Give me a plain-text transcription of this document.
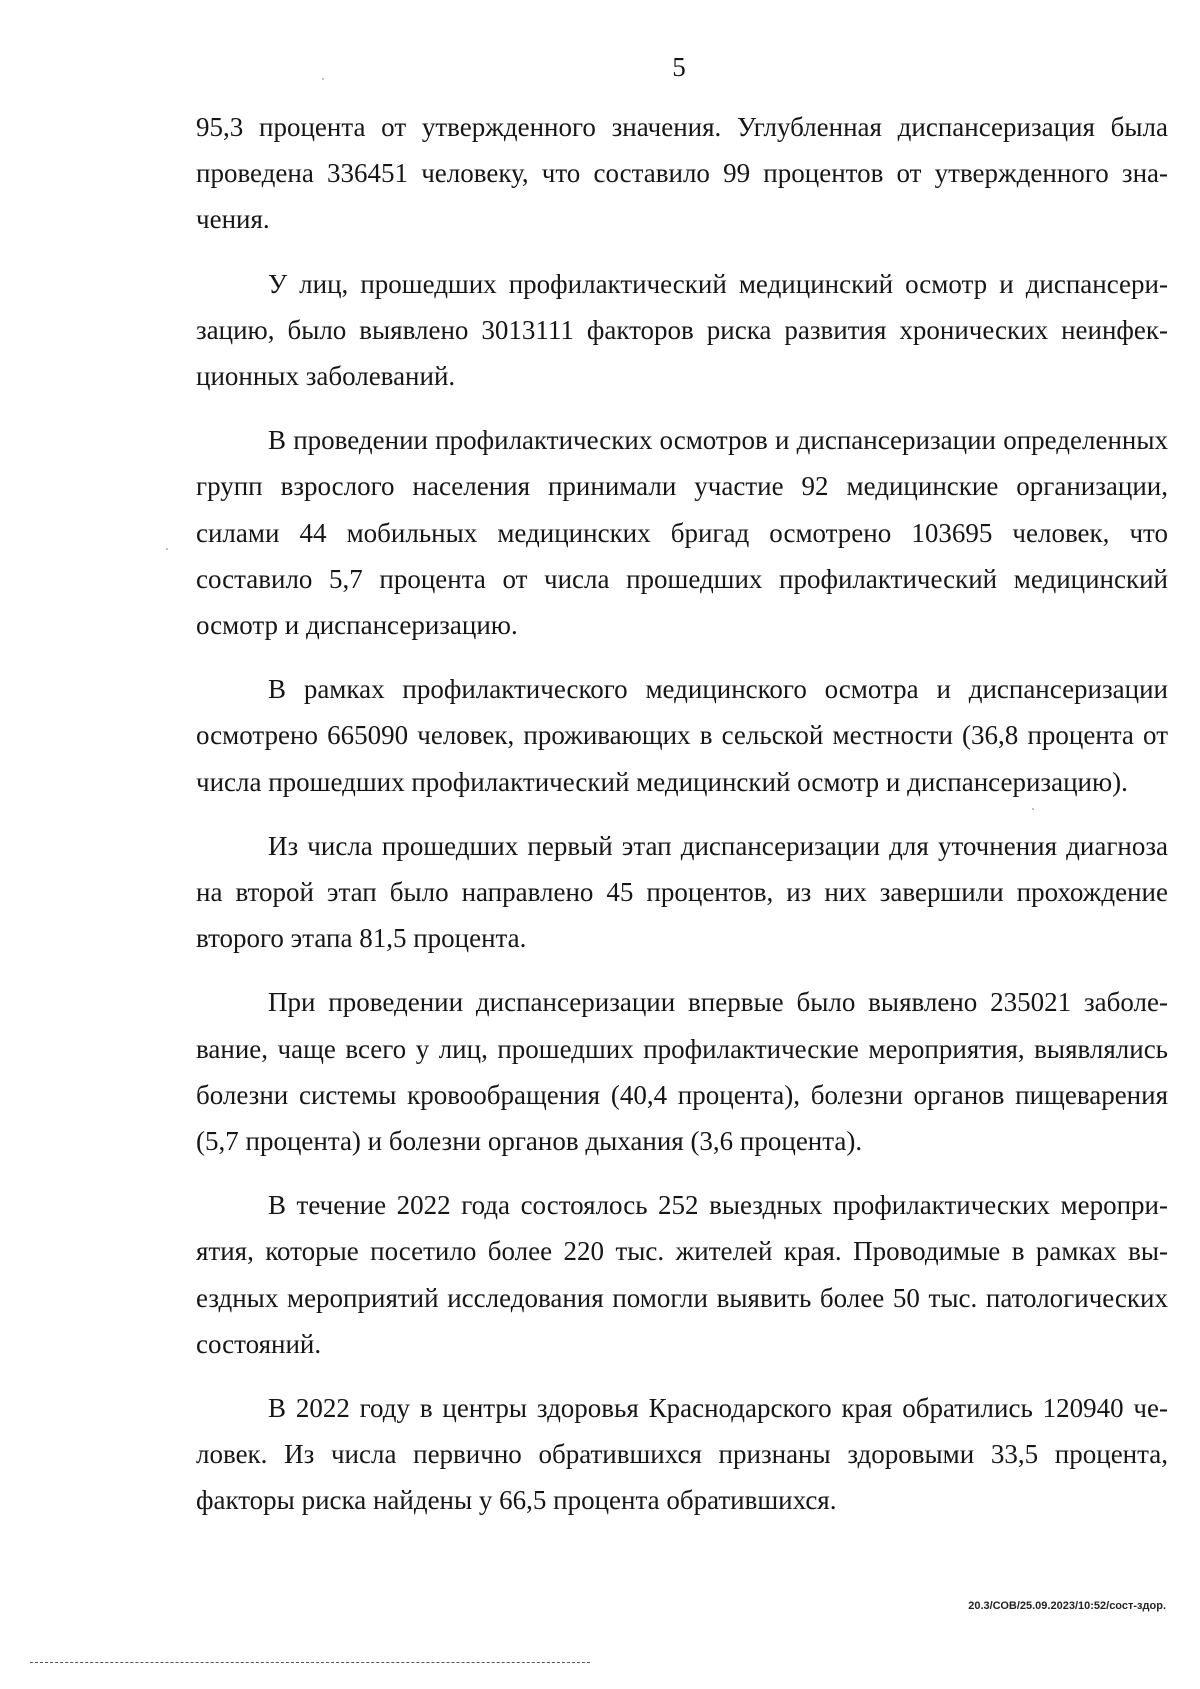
5

95,3 процента от утвержденного значения. Углубленная диспансеризация была проведена 336451 человеку, что составило 99 процентов от утвержденного значения.

У лиц, прошедших профилактический медицинский осмотр и диспансеризацию, было выявлено 3013111 факторов риска развития хронических неинфекционных заболеваний.

В проведении профилактических осмотров и диспансеризации определенных групп взрослого населения принимали участие 92 медицинские организации, силами 44 мобильных медицинских бригад осмотрено 103695 человек, что составило 5,7 процента от числа прошедших профилактический медицинский осмотр и диспансеризацию.

В рамках профилактического медицинского осмотра и диспансеризации осмотрено 665090 человек, проживающих в сельской местности (36,8 процента от числа прошедших профилактический медицинский осмотр и диспансеризацию).

Из числа прошедших первый этап диспансеризации для уточнения диагноза на второй этап было направлено 45 процентов, из них завершили прохождение второго этапа 81,5 процента.

При проведении диспансеризации впервые было выявлено 235021 заболевание, чаще всего у лиц, прошедших профилактические мероприятия, выявлялись болезни системы кровообращения (40,4 процента), болезни органов пищеварения (5,7 процента) и болезни органов дыхания (3,6 процента).

В течение 2022 года состоялось 252 выездных профилактических мероприятия, которые посетило более 220 тыс. жителей края. Проводимые в рамках выездных мероприятий исследования помогли выявить более 50 тыс. патологических состояний.

В 2022 году в центры здоровья Краснодарского края обратились 120940 человек. Из числа первично обратившихся признаны здоровыми 33,5 процента, факторы риска найдены у 66,5 процента обратившихся.

20.3/СОВ/25.09.2023/10:52/сост-здор.
